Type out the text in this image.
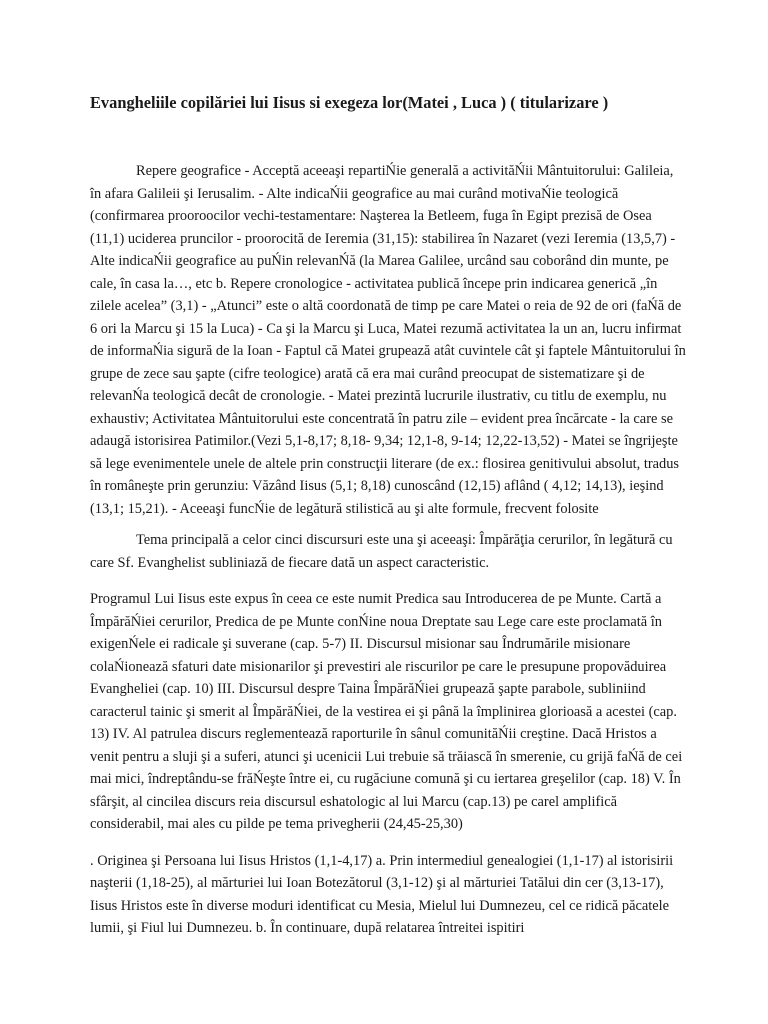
Evangheliile copilăriei lui Iisus si exegeza lor(Matei , Luca ) ( titularizare )

Repere geografice - Acceptă aceeaşi repartiŃie generală a activităŃii Mântuitorului: Galileia, în afara Galileii şi Ierusalim. - Alte indicaŃii geografice au mai curând motivaŃie teologică (confirmarea prooroocilor vechi-testamentare: Naşterea la Betleem, fuga în Egipt prezisă de Osea (11,1) uciderea pruncilor - proorocită de Ieremia (31,15): stabilirea în Nazaret (vezi Ieremia (13,5,7) - Alte indicaŃii geografice au puŃin relevanŃă (la Marea Galilee, urcând sau coborând din munte, pe cale, în casa la…, etc b. Repere cronologice - activitatea publică începe prin indicarea generică „în zilele acelea” (3,1) - „Atunci” este o altă coordonată de timp pe care Matei o reia de 92 de ori (faŃă de 6 ori la Marcu şi 15 la Luca) - Ca şi la Marcu şi Luca, Matei rezumă activitatea la un an, lucru infirmat de informaŃia sigură de la Ioan - Faptul că Matei grupează atât cuvintele cât şi faptele Mântuitorului în grupe de zece sau şapte (cifre teologice) arată că era mai curând preocupat de sistematizare şi de relevanŃa teologică decât de cronologie. - Matei prezintă lucrurile ilustrativ, cu titlu de exemplu, nu exhaustiv; Activitatea Mântuitorului este concentrată în patru zile – evident prea încărcate - la care se adaugă istorisirea Patimilor.(Vezi 5,1-8,17; 8,18- 9,34; 12,1-8, 9-14; 12,22-13,52) - Matei se îngrijeşte să lege evenimentele unele de altele prin construcţii literare (de ex.: flosirea genitivului absolut, tradus în româneşte prin gerunziu: Văzând Iisus (5,1; 8,18) cunoscând (12,15) aflând ( 4,12; 14,13), ieşind (13,1; 15,21). - Aceeaşi funcŃie de legătură stilistică au şi alte formule, frecvent folosite

Tema principală a celor cinci discursuri este una şi aceeaşi: Împărăţia cerurilor, în legătură cu care Sf. Evanghelist subliniază de fiecare dată un aspect caracteristic.

Programul Lui Iisus este expus în ceea ce este numit Predica sau Introducerea de pe Munte. Cartă a ÎmpărăŃiei cerurilor, Predica de pe Munte conŃine noua Dreptate sau Lege care este proclamată în exigenŃele ei radicale şi suverane (cap. 5-7) II. Discursul misionar sau Îndrumările misionare colaŃionează sfaturi date misionarilor şi prevestiri ale riscurilor pe care le presupune propovăduirea Evangheliei (cap. 10) III. Discursul despre Taina ÎmpărăŃiei grupează şapte parabole, subliniind caracterul tainic şi smerit al ÎmpărăŃiei, de la vestirea ei şi până la împlinirea glorioasă a acestei (cap. 13) IV. Al patrulea discurs reglementează raporturile în sânul comunităŃii creştine. Dacă Hristos a venit pentru a sluji şi a suferi, atunci şi ucenicii Lui trebuie să trăiască în smerenie, cu grijă faŃă de cei mai mici, îndreptându-se frăŃeşte între ei, cu rugăciune comună şi cu iertarea greşelilor (cap. 18) V. În sfârşit, al cincilea discurs reia discursul eshatologic al lui Marcu (cap.13) pe carel amplifică considerabil, mai ales cu pilde pe tema privegherii (24,45-25,30)

. Originea şi Persoana lui Iisus Hristos (1,1-4,17) a. Prin intermediul genealogiei (1,1-17) al istorisirii naşterii (1,18-25), al mărturiei lui Ioan Botezătorul (3,1-12) şi al mărturiei Tatălui din cer (3,13-17), Iisus Hristos este în diverse moduri identificat cu Mesia, Mielul lui Dumnezeu, cel ce ridică păcatele lumii, şi Fiul lui Dumnezeu. b. În continuare, după relatarea întreitei ispitiri
